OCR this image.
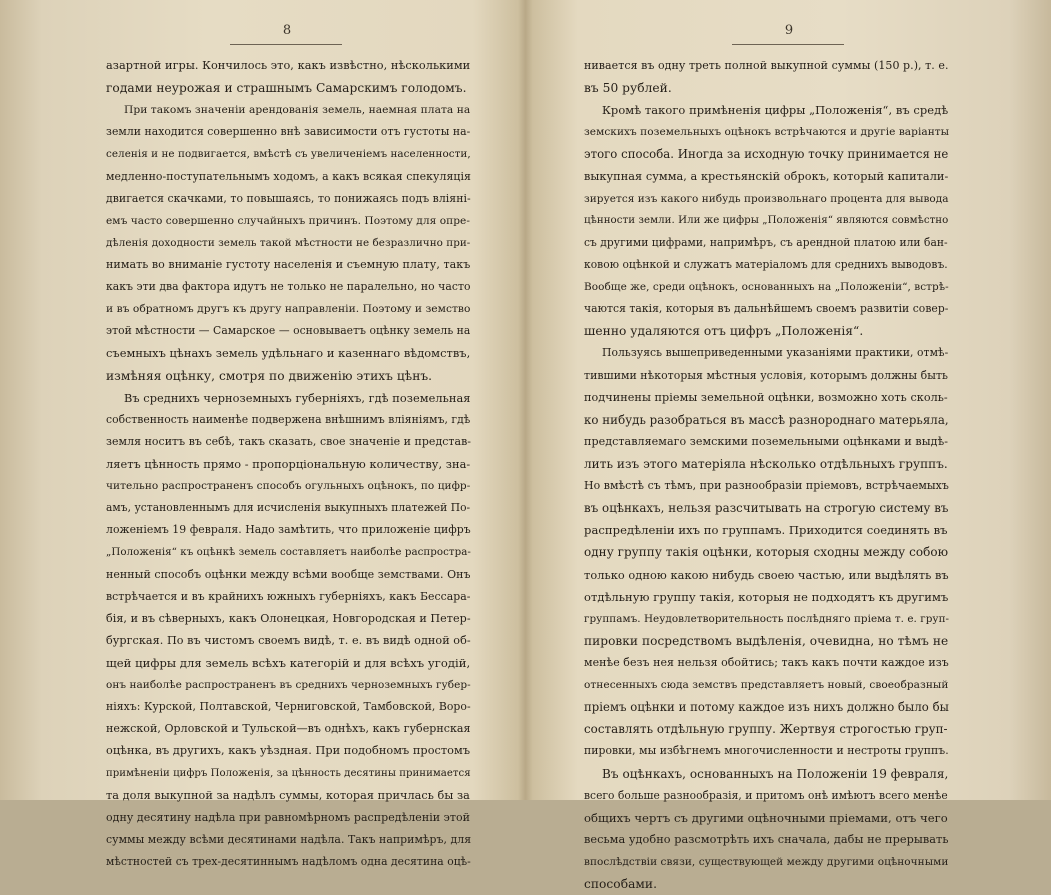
8
азартной игры. Кончилось это, какъ извѣстно, нѣсколькими
годами неурожая и страшнымъ Самарскимъ голодомъ.
При такомъ значеніи арендованія земель, наемная плата на
земли находится совершенно внѣ зависимости отъ густоты на-
селенія и не подвигается, вмѣстѣ съ увеличеніемъ населенности,
медленно-поступательнымъ ходомъ, а какъ всякая спекуляція
двигается скачками, то повышаясь, то понижаясь подъ вліяні-
емъ часто совершенно случайныхъ причинъ. Поэтому для опре-
дѣленія доходности земель такой мѣстности не безразлично при-
нимать во вниманіе густоту населенія и съемную плату, такъ
какъ эти два фактора идутъ не только не паралельно, но часто
и въ обратномъ другъ къ другу направленіи. Поэтому и земство
этой мѣстности — Самарское — основываетъ оцѣнку земель на
съемныхъ цѣнахъ земель удѣльнаго и казеннаго вѣдомствъ,
измѣняя оцѣнку, смотря по движенію этихъ цѣнъ.
Въ среднихъ черноземныхъ губерніяхъ, гдѣ поземельная
собственность наименѣе подвержена внѣшнимъ вліяніямъ, гдѣ
земля носитъ въ себѣ, такъ сказать, свое значеніе и представ-
ляетъ цѣнность прямо - пропорціональную количеству, зна-
чительно распространенъ способъ огульныхъ оцѣнокъ, по цифр-
амъ, установленнымъ для исчисленія выкупныхъ платежей По-
ложеніемъ 19 февраля. Надо замѣтить, что приложеніе цифръ
„Положенія“ къ оцѣнкѣ земель составляетъ наиболѣе распростра-
ненный способъ оцѣнки между всѣми вообще земствами. Онъ
встрѣчается и въ крайнихъ южныхъ губерніяхъ, какъ Бессара-
бія, и въ сѣверныхъ, какъ Олонецкая, Новгородская и Петер-
бургская. По въ чистомъ своемъ видѣ, т. е. въ видѣ одной об-
щей цифры для земель всѣхъ категорій и для всѣхъ угодій,
онъ наиболѣе распространенъ въ среднихъ черноземныхъ губер-
ніяхъ: Курской, Полтавской, Черниговской, Тамбовской, Воро-
нежской, Орловской и Тульской—въ однѣхъ, какъ губернская
оцѣнка, въ другихъ, какъ уѣздная. При подобномъ простомъ
примѣненіи цифръ Положенія, за цѣнность десятины принимается
та доля выкупной за надѣлъ суммы, которая причлась бы за
одну десятину надѣла при равномѣрномъ распредѣленіи этой
суммы между всѣми десятинами надѣла. Такъ напримѣръ, для
мѣстностей съ трех-десятиннымъ надѣломъ одна десятина оцѣ-
9
нивается въ одну треть полной выкупной суммы (150 р.), т. е.
въ 50 рублей.
Кромѣ такого примѣненія цифры „Положенія“, въ средѣ
земскихъ поземельныхъ оцѣнокъ встрѣчаются и другіе варіанты
этого способа. Иногда за исходную точку принимается не
выкупная сумма, а крестьянскій оброкъ, который капитали-
зируется изъ какого нибудь произвольнаго процента для вывода
цѣнности земли. Или же цифры „Положенія“ являются совмѣстно
съ другими цифрами, напримѣръ, съ арендной платою или бан-
ковою оцѣнкой и служатъ матеріаломъ для среднихъ выводовъ.
Вообще же, среди оцѣнокъ, основанныхъ на „Положеніи“, встрѣ-
чаются такія, которыя въ дальнѣйшемъ своемъ развитіи совер-
шенно удаляются отъ цифръ „Положенія“.
Пользуясь вышеприведенными указаніями практики, отмѣ-
тившими нѣкоторыя мѣстныя условія, которымъ должны быть
подчинены пріемы земельной оцѣнки, возможно хоть сколь-
ко нибудь разобраться въ массѣ разнороднаго матерьяла,
представляемаго земскими поземельными оцѣнками и выдѣ-
лить изъ этого матеріяла нѣсколько отдѣльныхъ группъ.
Но вмѣстѣ съ тѣмъ, при разнообразіи пріемовъ, встрѣчаемыхъ
въ оцѣнкахъ, нельзя разсчитывать на строгую систему въ
распредѣленіи ихъ по группамъ. Приходится соединять въ
одну группу такія оцѣнки, которыя сходны между собою
только одною какою нибудь своею частью, или выдѣлять въ
отдѣльную группу такія, которыя не подходятъ къ другимъ
группамъ. Неудовлетворительность послѣдняго пріема т. е. груп-
пировки посредствомъ выдѣленія, очевидна, но тѣмъ не
менѣе безъ нея нельзя обойтись; такъ какъ почти каждое изъ
отнесенныхъ сюда земствъ представляетъ новый, своеобразный
пріемъ оцѣнки и потому каждое изъ нихъ должно было бы
составлять отдѣльную группу. Жертвуя строгостью груп-
пировки, мы избѣгнемъ многочисленности и нестроты группъ.
Въ оцѣнкахъ, основанныхъ на Положеніи 19 февраля,
всего больше разнообразія, и притомъ онѣ имѣютъ всего менѣе
общихъ чертъ съ другими оцѣночными пріемами, отъ чего
весьма удобно разсмотрѣть ихъ сначала, дабы не прерывать
впослѣдствіи связи, существующей между другими оцѣночными
способами.
